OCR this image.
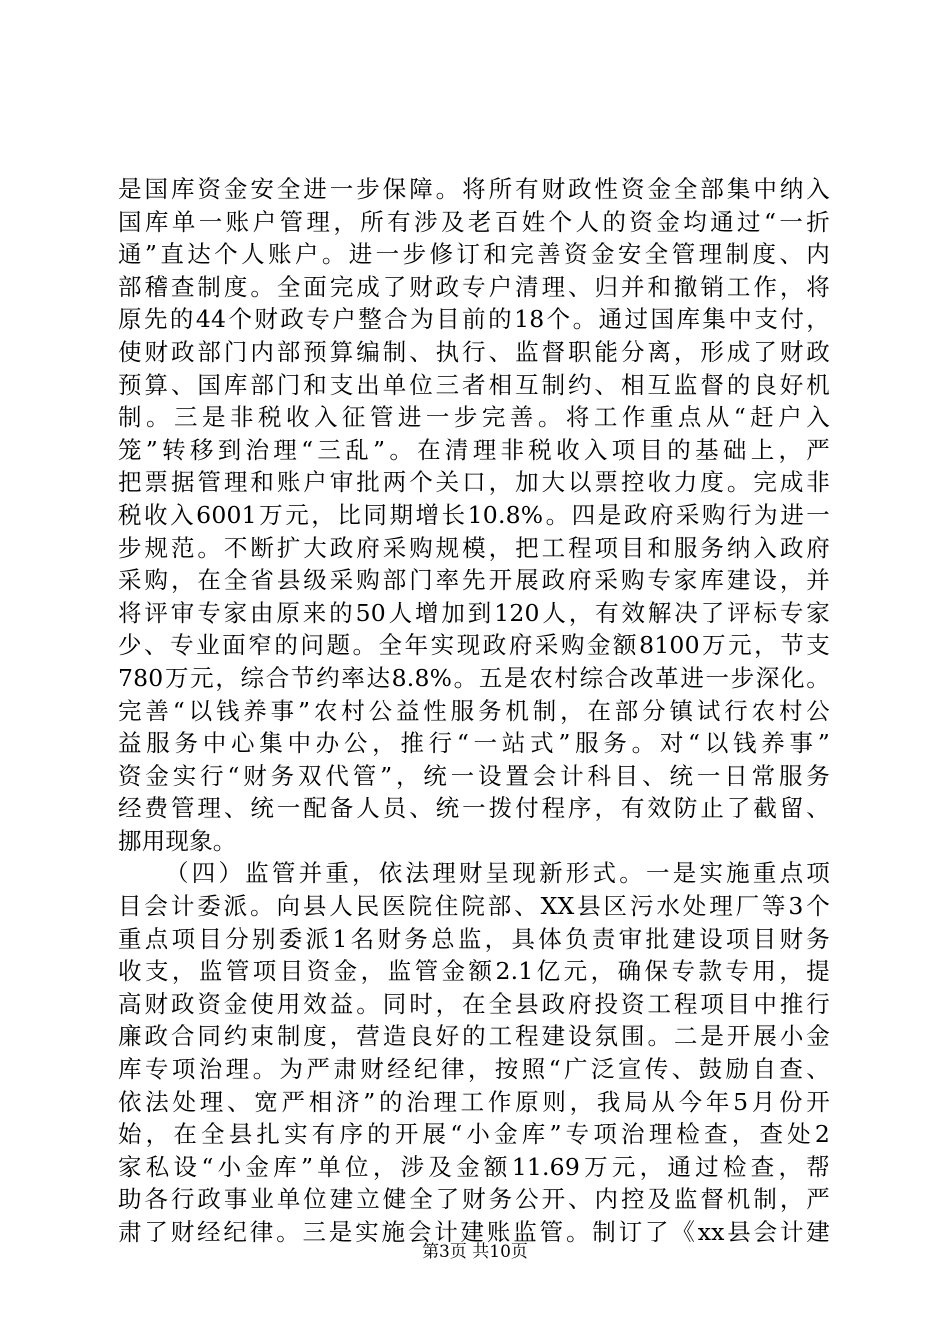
是国库资金安全进一步保障。将所有财政性资金全部集中纳入
国库单一账户管理，所有涉及老百姓个人的资金均通过“一折
通”直达个人账户。进一步修订和完善资金安全管理制度、内
部稽查制度。全面完成了财政专户清理、归并和撤销工作，将
原先的44个财政专户整合为目前的18个。通过国库集中支付，
使财政部门内部预算编制、执行、监督职能分离，形成了财政
预算、国库部门和支出单位三者相互制约、相互监督的良好机
制。三是非税收入征管进一步完善。将工作重点从“赶户入
笼”转移到治理“三乱”。在清理非税收入项目的基础上，严
把票据管理和账户审批两个关口，加大以票控收力度。完成非
税收入6001万元，比同期增长10.8%。四是政府采购行为进一
步规范。不断扩大政府采购规模，把工程项目和服务纳入政府
采购，在全省县级采购部门率先开展政府采购专家库建设，并
将评审专家由原来的50人增加到120人，有效解决了评标专家
少、专业面窄的问题。全年实现政府采购金额8100万元，节支
780万元，综合节约率达8.8%。五是农村综合改革进一步深化。
完善“以钱养事”农村公益性服务机制，在部分镇试行农村公
益服务中心集中办公，推行“一站式”服务。对“以钱养事”
资金实行“财务双代管”，统一设置会计科目、统一日常服务
经费管理、统一配备人员、统一拨付程序，有效防止了截留、
挪用现象。
（四）监管并重，依法理财呈现新形式。一是实施重点项
目会计委派。向县人民医院住院部、XX县区污水处理厂等3个
重点项目分别委派1名财务总监，具体负责审批建设项目财务
收支，监管项目资金，监管金额2.1亿元，确保专款专用，提
高财政资金使用效益。同时，在全县政府投资工程项目中推行
廉政合同约束制度，营造良好的工程建设氛围。二是开展小金
库专项治理。为严肃财经纪律，按照“广泛宣传、鼓励自查、
依法处理、宽严相济”的治理工作原则，我局从今年5月份开
始，在全县扎实有序的开展“小金库”专项治理检查，查处2
家私设“小金库”单位，涉及金额11.69万元，通过检查，帮
助各行政事业单位建立健全了财务公开、内控及监督机制，严
肃了财经纪律。三是实施会计建账监管。制订了《xx县会计建
第3页 共10页
